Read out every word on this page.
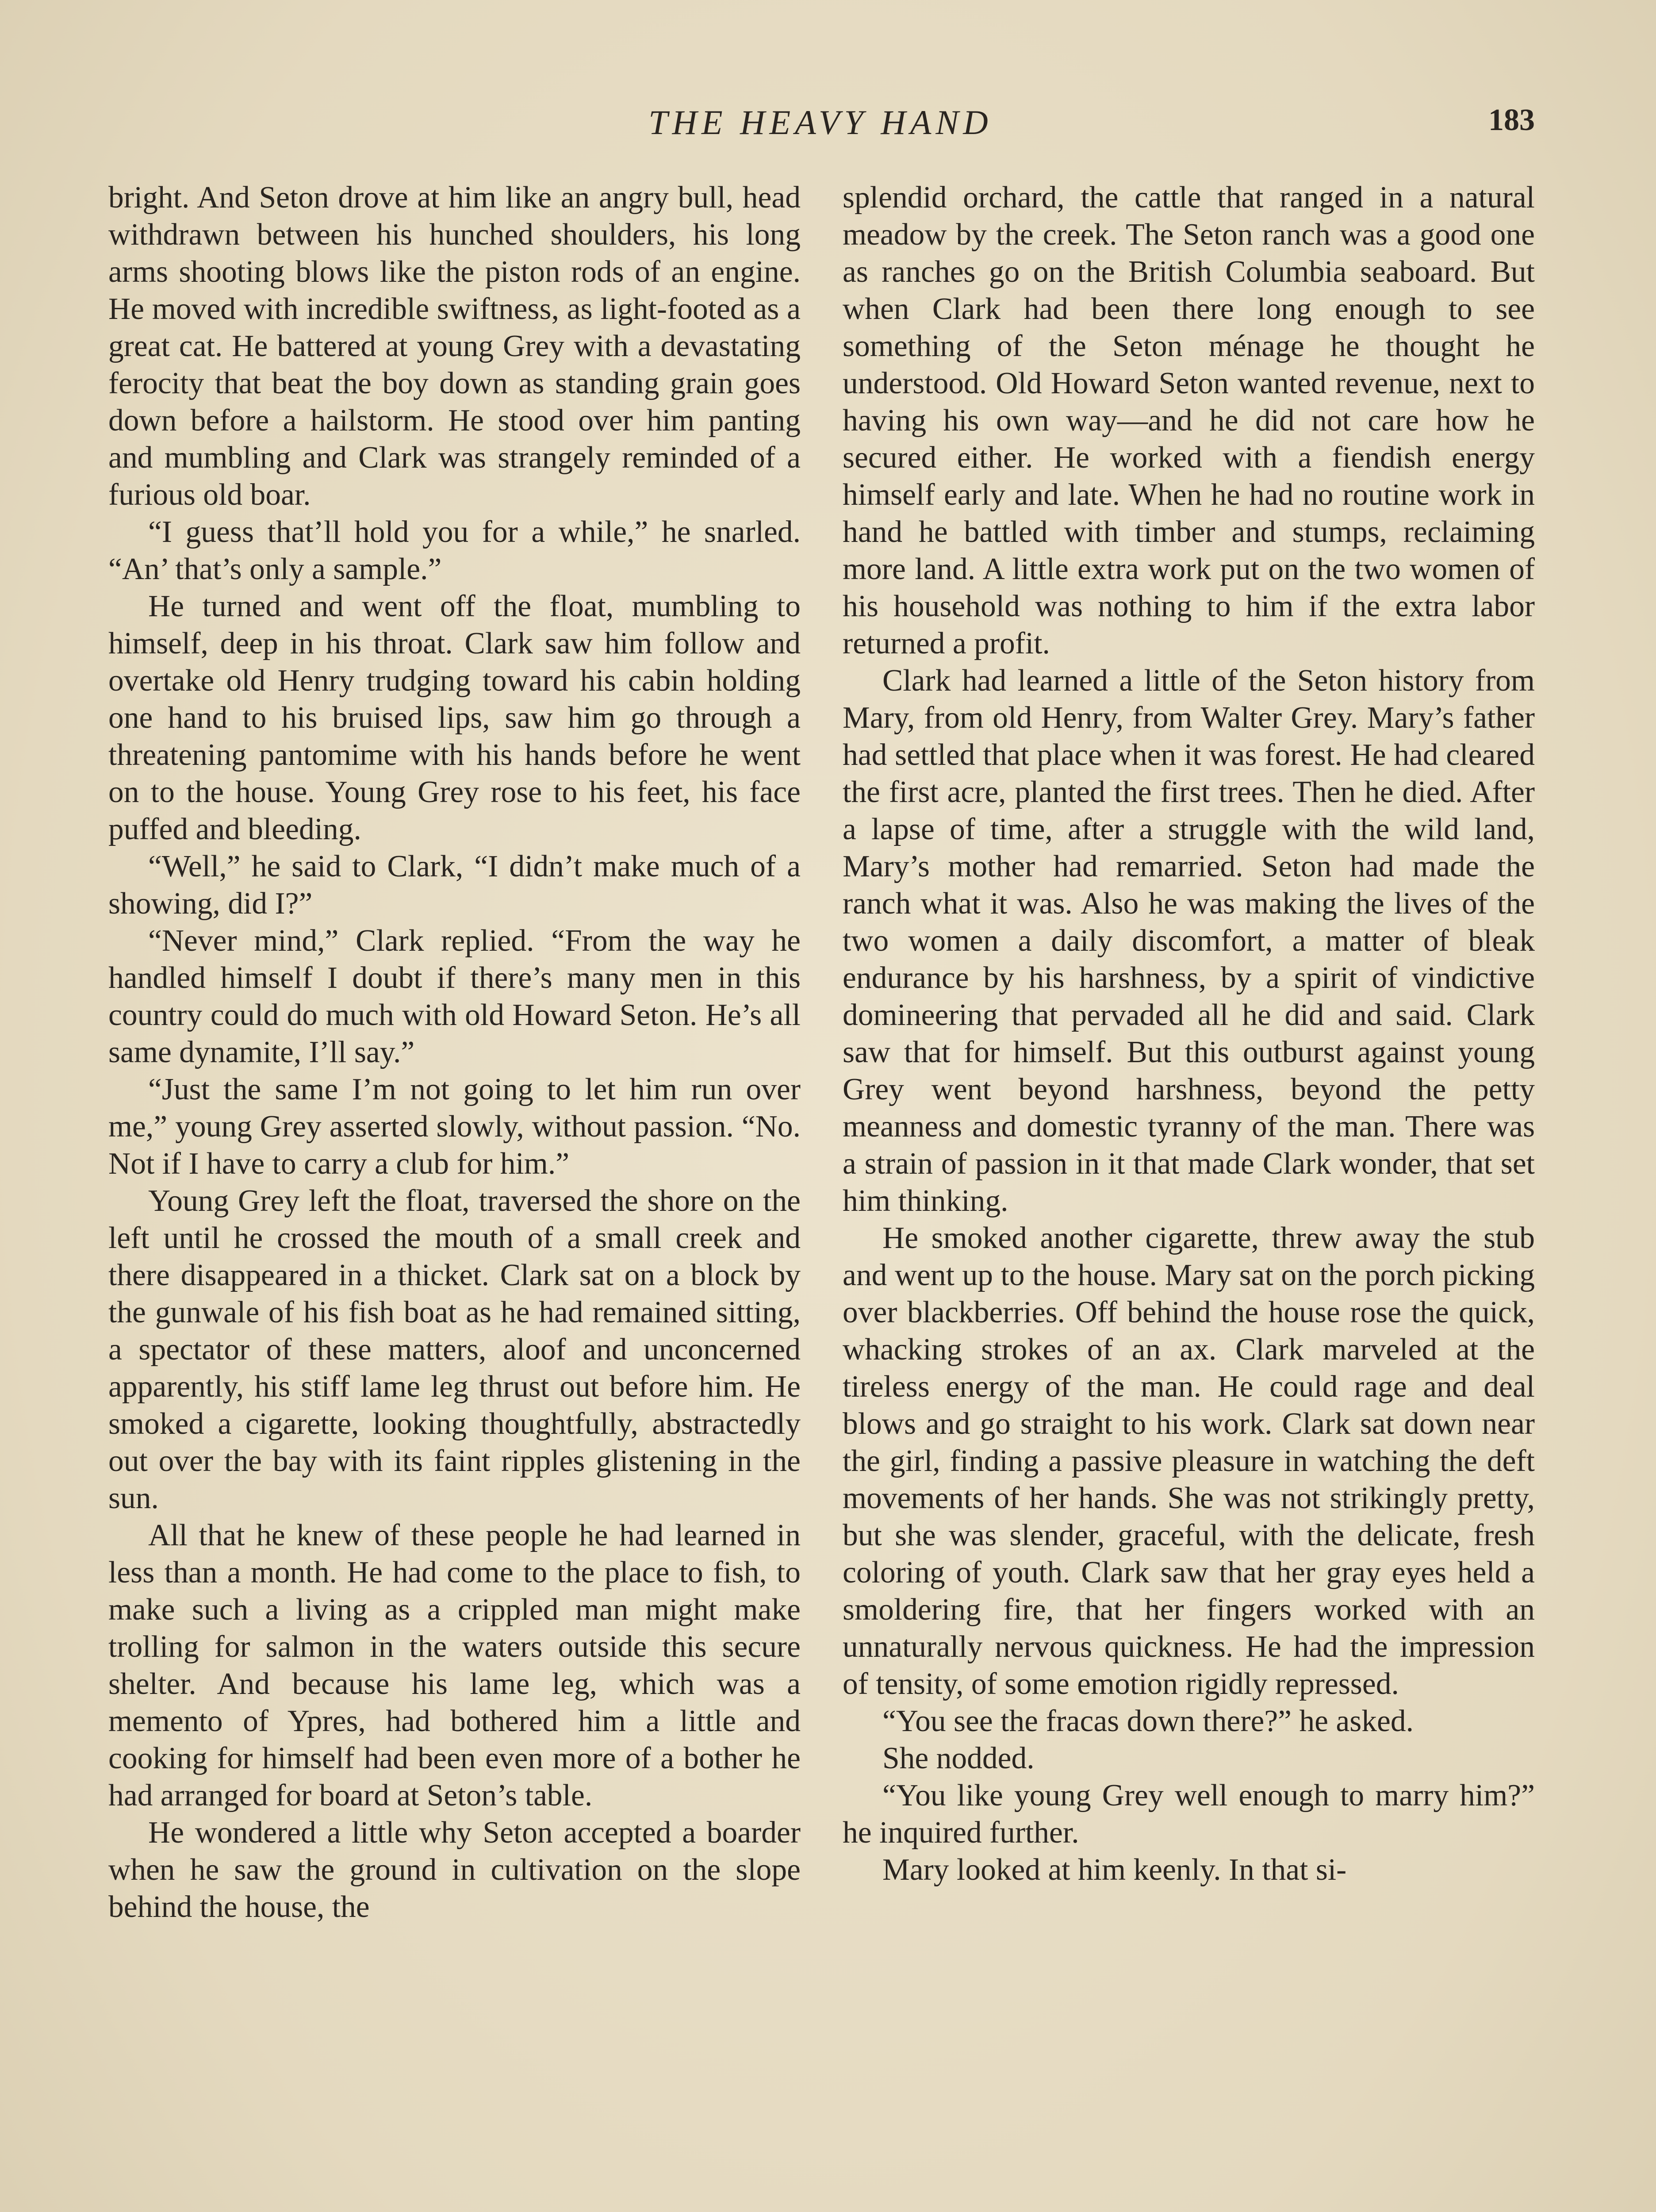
THE HEAVY HAND	183

bright. And Seton drove at him like an angry bull, head withdrawn between his hunched shoulders, his long arms shooting blows like the piston rods of an engine. He moved with incredible swiftness, as light-footed as a great cat. He battered at young Grey with a devastating ferocity that beat the boy down as standing grain goes down before a hailstorm. He stood over him panting and mumbling and Clark was strangely reminded of a furious old boar.

“I guess that’ll hold you for a while,” he snarled. “An’ that’s only a sample.”

He turned and went off the float, mumbling to himself, deep in his throat. Clark saw him follow and overtake old Henry trudging toward his cabin holding one hand to his bruised lips, saw him go through a threatening pantomime with his hands before he went on to the house. Young Grey rose to his feet, his face puffed and bleeding.

“Well,” he said to Clark, “I didn’t make much of a showing, did I?”

“Never mind,” Clark replied. “From the way he handled himself I doubt if there’s many men in this country could do much with old Howard Seton. He’s all same dynamite, I’ll say.”

“Just the same I’m not going to let him run over me,” young Grey asserted slowly, without passion. “No. Not if I have to carry a club for him.”

Young Grey left the float, traversed the shore on the left until he crossed the mouth of a small creek and there disappeared in a thicket. Clark sat on a block by the gunwale of his fish boat as he had remained sitting, a spectator of these matters, aloof and unconcerned apparently, his stiff lame leg thrust out before him. He smoked a cigarette, looking thoughtfully, abstractedly out over the bay with its faint ripples glistening in the sun.

All that he knew of these people he had learned in less than a month. He had come to the place to fish, to make such a living as a crippled man might make trolling for salmon in the waters outside this secure shelter. And because his lame leg, which was a memento of Ypres, had bothered him a little and cooking for himself had been even more of a bother he had arranged for board at Seton’s table.

He wondered a little why Seton accepted a boarder when he saw the ground in cultivation on the slope behind the house, the

splendid orchard, the cattle that ranged in a natural meadow by the creek. The Seton ranch was a good one as ranches go on the British Columbia seaboard. But when Clark had been there long enough to see something of the Seton ménage he thought he understood. Old Howard Seton wanted revenue, next to having his own way—and he did not care how he secured either. He worked with a fiendish energy himself early and late. When he had no routine work in hand he battled with timber and stumps, reclaiming more land. A little extra work put on the two women of his household was nothing to him if the extra labor returned a profit.

Clark had learned a little of the Seton history from Mary, from old Henry, from Walter Grey. Mary’s father had settled that place when it was forest. He had cleared the first acre, planted the first trees. Then he died. After a lapse of time, after a struggle with the wild land, Mary’s mother had remarried. Seton had made the ranch what it was. Also he was making the lives of the two women a daily discomfort, a matter of bleak endurance by his harshness, by a spirit of vindictive domineering that pervaded all he did and said. Clark saw that for himself. But this outburst against young Grey went beyond harshness, beyond the petty meanness and domestic tyranny of the man. There was a strain of passion in it that made Clark wonder, that set him thinking.

He smoked another cigarette, threw away the stub and went up to the house. Mary sat on the porch picking over blackberries. Off behind the house rose the quick, whacking strokes of an ax. Clark marveled at the tireless energy of the man. He could rage and deal blows and go straight to his work. Clark sat down near the girl, finding a passive pleasure in watching the deft movements of her hands. She was not strikingly pretty, but she was slender, graceful, with the delicate, fresh coloring of youth. Clark saw that her gray eyes held a smoldering fire, that her fingers worked with an unnaturally nervous quickness. He had the impression of tensity, of some emotion rigidly repressed.

“You see the fracas down there?” he asked.

She nodded.

“You like young Grey well enough to marry him?” he inquired further.

Mary looked at him keenly. In that si-
